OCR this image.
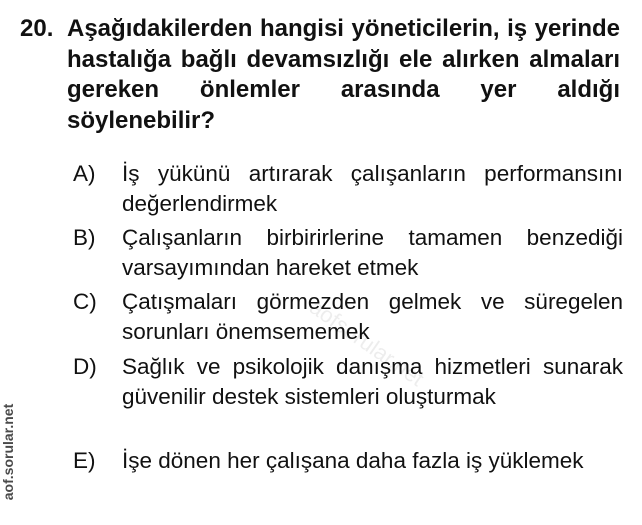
20. Aşağıdakilerden hangisi yöneticilerin, iş yerinde hastalığa bağlı devamsızlığı ele alırken almaları gereken önlemler arasında yer aldığı söylenebilir?
A)	İş yükünü artırarak çalışanların performansını değerlendirmek
B)	Çalışanların birbirirlerine tamamen benzediği varsayımından hareket etmek
C)	Çatışmaları görmezden gelmek ve süregelen sorunları önemsememek
D)	Sağlık ve psikolojik danışma hizmetleri sunarak güvenilir destek sistemleri oluşturmak
E)	İşe dönen her çalışana daha fazla iş yüklemek
aof.sorular.net
aofsorular.net
